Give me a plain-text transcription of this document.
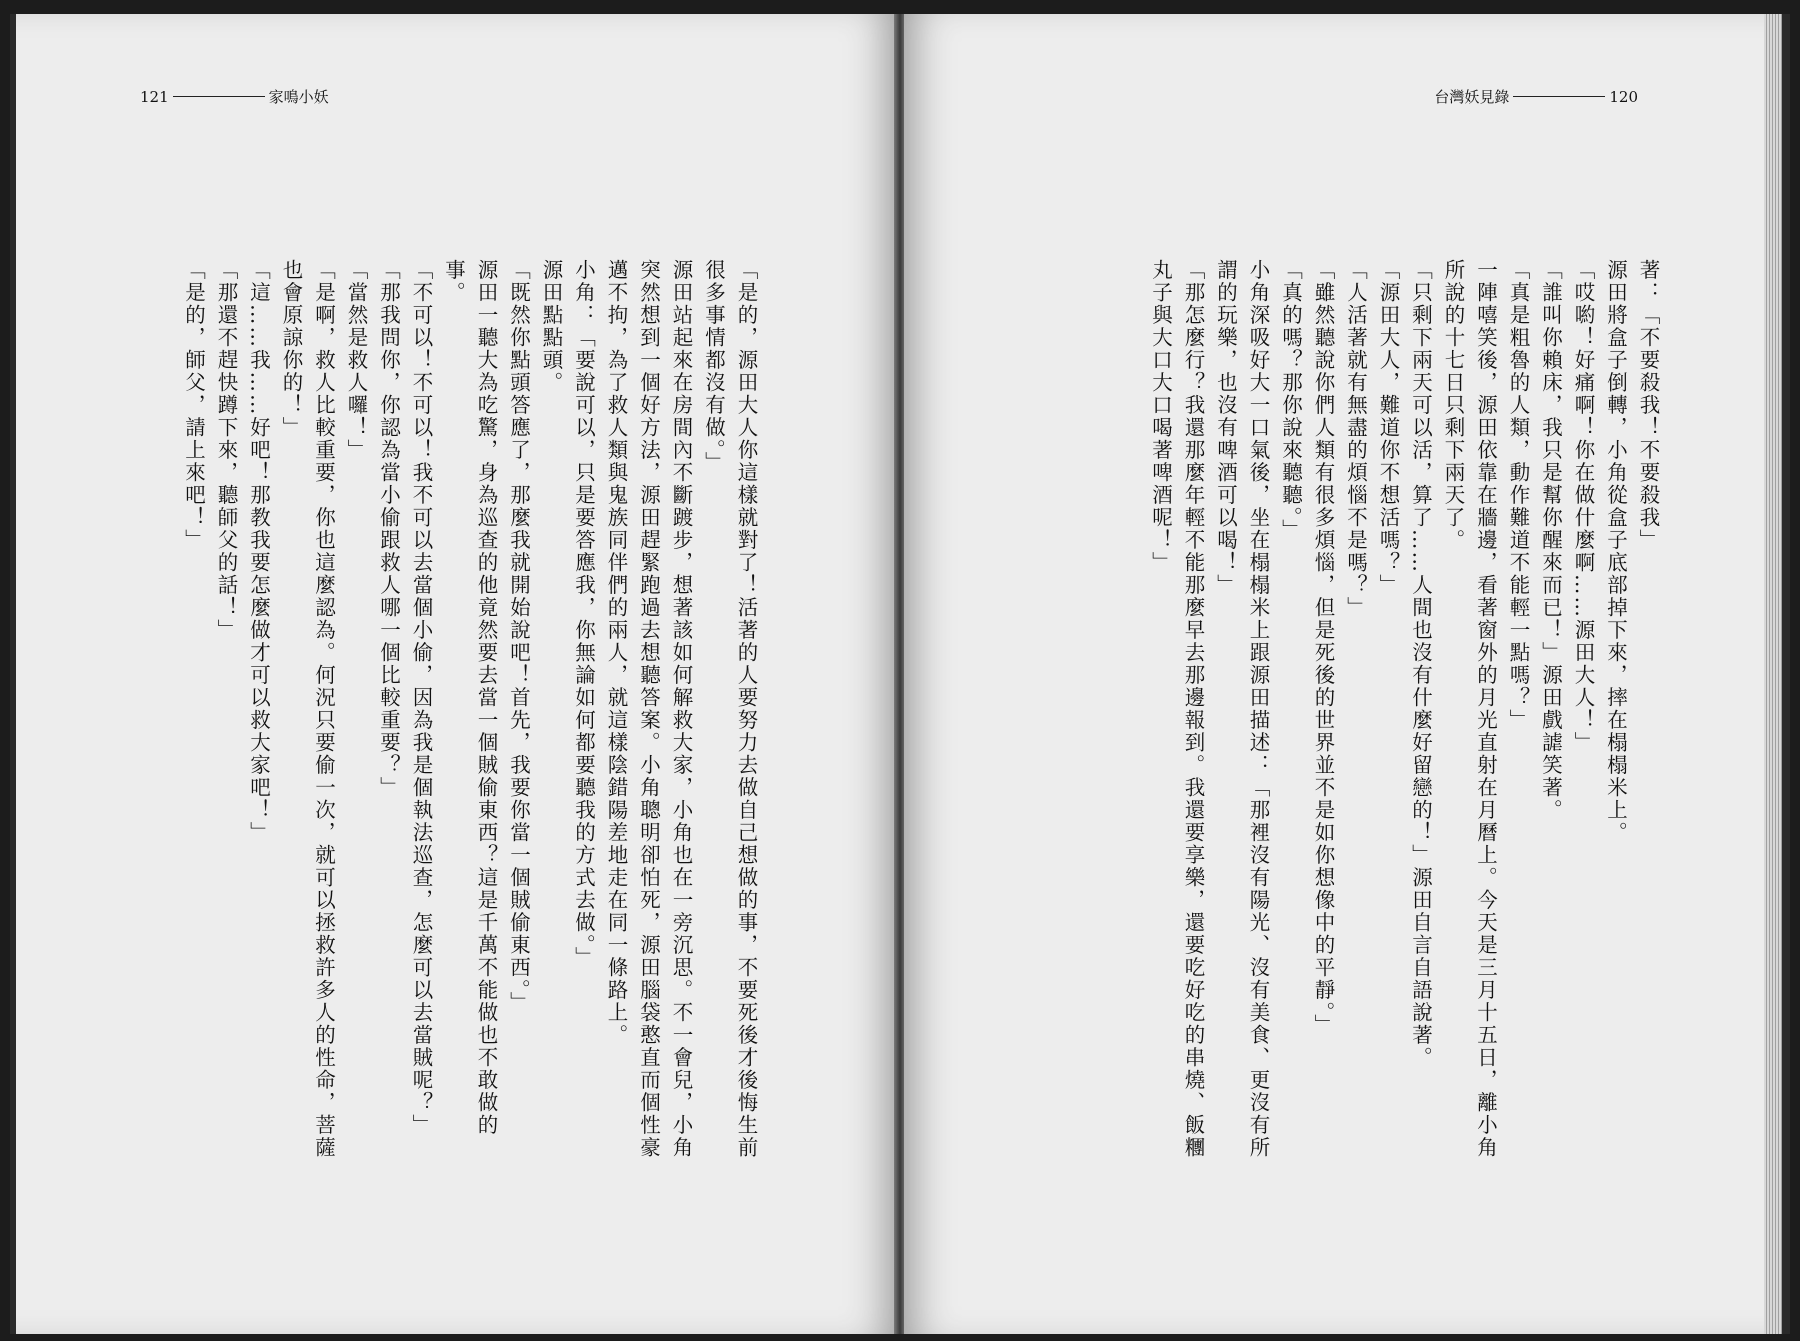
121	家鳴小妖

「是的，源田大人你這樣就對了！活著的人要努力去做自己想做的事，不要死後才後悔生前很多事情都沒有做。」

源田站起來在房間內不斷踱步，想著該如何解救大家，小角也在一旁沉思。不一會兒，小角突然想到一個好方法，源田趕緊跑過去想聽答案。小角聰明卻怕死，源田腦袋憨直而個性豪邁不拘，為了救人類與鬼族同伴們的兩人，就這樣陰錯陽差地走在同一條路上。

小角：「要說可以，只是要答應我，你無論如何都要聽我的方式去做。」

源田點點頭。

「既然你點頭答應了，那麼我就開始說吧！首先，我要你當一個賊偷東西。」

源田一聽大為吃驚，身為巡查的他竟然要去當一個賊偷東西？這是千萬不能做也不敢做的事。

「不可以！不可以！我不可以去當個小偷，因為我是個執法巡查，怎麼可以去當賊呢？」

「那我問你，你認為當小偷跟救人哪一個比較重要？」

「當然是救人囉！」

「是啊，救人比較重要，你也這麼認為。何況只要偷一次，就可以拯救許多人的性命，菩薩也會原諒你的！」

「這……我……好吧！那教我要怎麼做才可以救大家吧！」

「那還不趕快蹲下來，聽師父的話！」

「是的，師父，請上來吧！」

台灣妖見錄	120

著：「不要殺我！不要殺我」

源田將盒子倒轉，小角從盒子底部掉下來，摔在榻榻米上。

「哎喲！好痛啊！你在做什麼啊……源田大人！」

「誰叫你賴床，我只是幫你醒來而已！」源田戲謔笑著。

「真是粗魯的人類，動作難道不能輕一點嗎？」

一陣嘻笑後，源田依靠在牆邊，看著窗外的月光直射在月曆上。今天是三月十五日，離小角所說的十七日只剩下兩天了。

「只剩下兩天可以活，算了……人間也沒有什麼好留戀的！」源田自言自語說著。

「源田大人，難道你不想活嗎？」

「人活著就有無盡的煩惱不是嗎？」

「雖然聽說你們人類有很多煩惱，但是死後的世界並不是如你想像中的平靜。」

「真的嗎？那你說來聽聽。」

小角深吸好大一口氣後，坐在榻榻米上跟源田描述：「那裡沒有陽光、沒有美食、更沒有所謂的玩樂，也沒有啤酒可以喝！」

「那怎麼行？我還那麼年輕不能那麼早去那邊報到。我還要享樂，還要吃好吃的串燒、飯糰丸子與大口大口喝著啤酒呢！」
